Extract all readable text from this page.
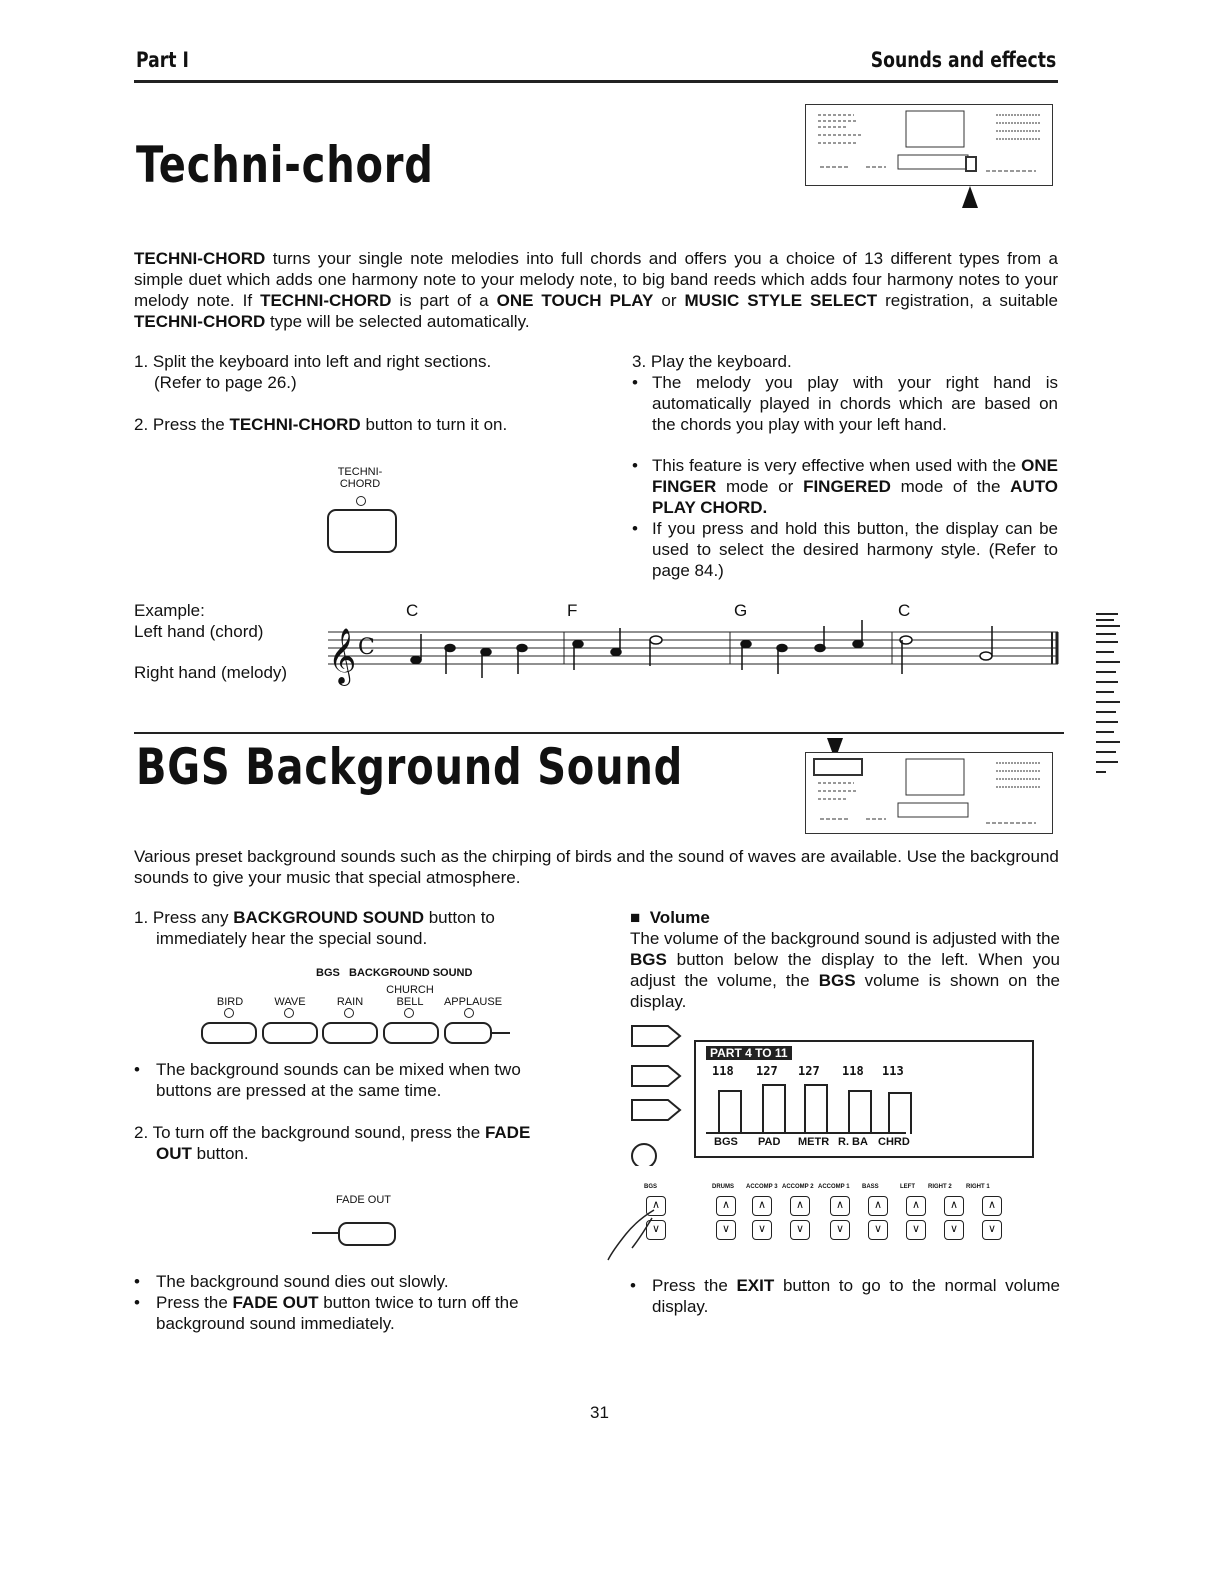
Part I	Sounds and effects
Techni-chord
TECHNI-CHORD turns your single note melodies into full chords and offers you a choice of 13 different types from a simple duet which adds one harmony note to your melody note, to big band reeds which adds four harmony notes to your melody note. If TECHNI-CHORD is part of a ONE TOUCH PLAY or MUSIC STYLE SELECT registration, a suitable TECHNI-CHORD type will be selected automatically.
1. Split the keyboard into left and right sections.
(Refer to page 26.)
2. Press the TECHNI-CHORD button to turn it on.
TECHNI-
CHORD
3. Play the keyboard.
• The melody you play with your right hand is automatically played in chords which are based on the chords you play with your left hand.
• This feature is very effective when used with the ONE FINGER mode or FINGERED mode of the AUTO PLAY CHORD.
• If you press and hold this button, the display can be used to select the desired harmony style. (Refer to page 84.)
Example:
Left hand (chord)
Right hand (melody)
C	F	G	C
𝄞 C
BGS Background Sound
Various preset background sounds such as the chirping of birds and the sound of waves are available. Use the background sounds to give your music that special atmosphere.
1. Press any BACKGROUND SOUND button to immediately hear the special sound.
BGS   BACKGROUND SOUND
BIRD	WAVE	RAIN
CHURCH
BELL	APPLAUSE
• The background sounds can be mixed when two buttons are pressed at the same time.
2. To turn off the background sound, press the FADE OUT button.
FADE OUT
• The background sound dies out slowly.
• Press the FADE OUT button twice to turn off the background sound immediately.
■ Volume
The volume of the background sound is adjusted with the BGS button below the display to the left. When you adjust the volume, the BGS volume is shown on the display.
PART 4 TO 11
118 127 127 118 113
BGS PAD METR R. BA CHRD
BGS	DRUMS ACCOMP 3 ACCOMP 2 ACCOMP 1 BASS	LEFT RIGHT 2 RIGHT 1
∧
∨
∧
∨
∧
∨
∧
∨
∧
∨
∧
∨
∧
∨
∧
∨
∧
∨
• Press the EXIT button to go to the normal volume display.
31
